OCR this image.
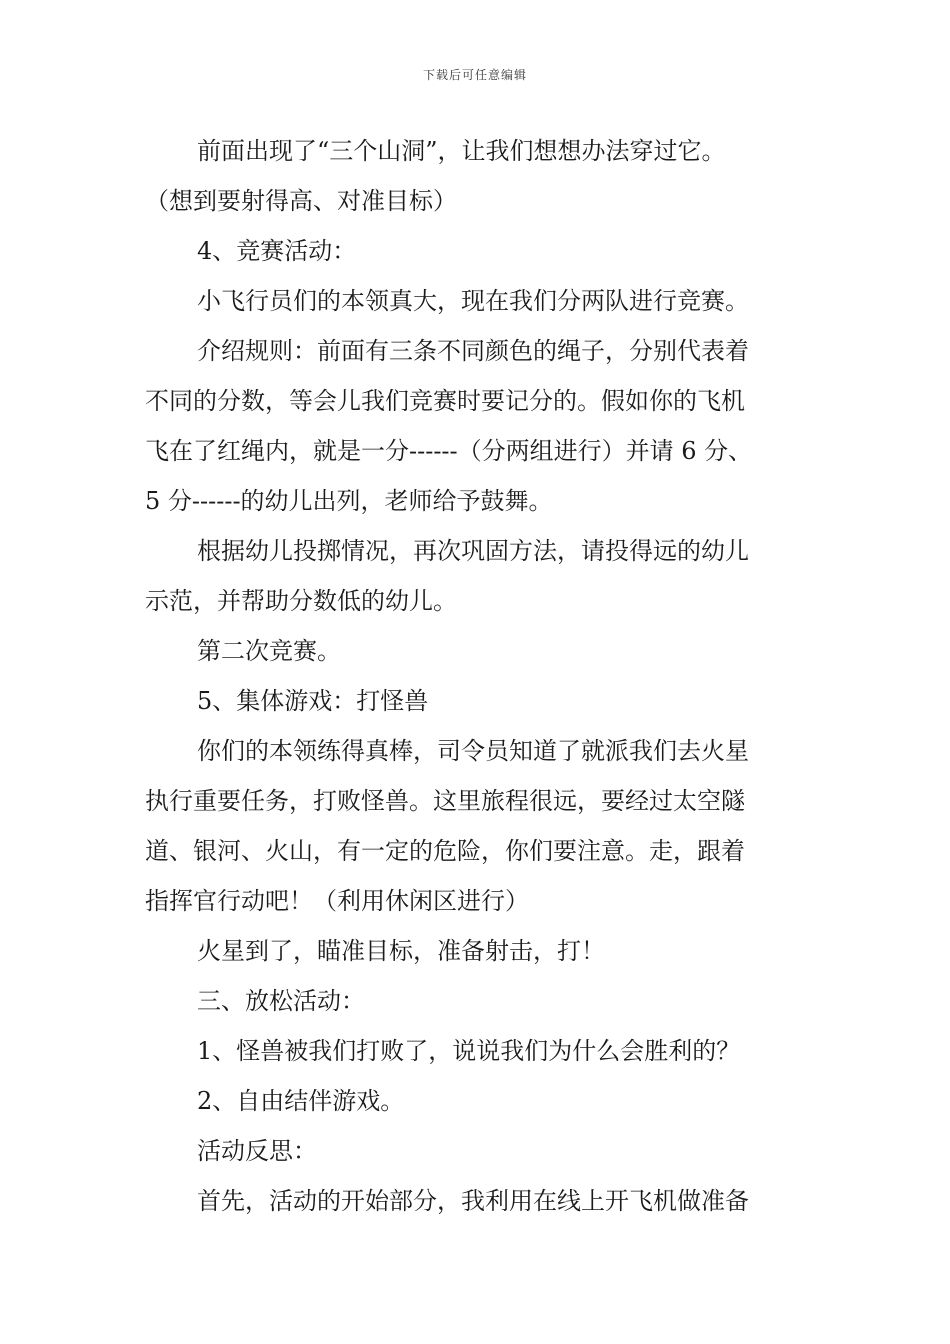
下载后可任意编辑
前面出现了“三个山洞”，让我们想想办法穿过它。
（想到要射得高、对准目标）
4、竞赛活动：
小飞行员们的本领真大，现在我们分两队进行竞赛。
介绍规则：前面有三条不同颜色的绳子，分别代表着
不同的分数，等会儿我们竞赛时要记分的。假如你的飞机
飞在了红绳内，就是一分------（分两组进行）并请 6 分、
5 分------的幼儿出列，老师给予鼓舞。
根据幼儿投掷情况，再次巩固方法，请投得远的幼儿
示范，并帮助分数低的幼儿。
第二次竞赛。
5、集体游戏：打怪兽
你们的本领练得真棒，司令员知道了就派我们去火星
执行重要任务，打败怪兽。这里旅程很远，要经过太空隧
道、银河、火山，有一定的危险，你们要注意。走，跟着
指挥官行动吧！（利用休闲区进行）
火星到了，瞄准目标，准备射击，打！
三、放松活动：
1、怪兽被我们打败了，说说我们为什么会胜利的？
2、自由结伴游戏。
活动反思：
首先，活动的开始部分，我利用在线上开飞机做准备
